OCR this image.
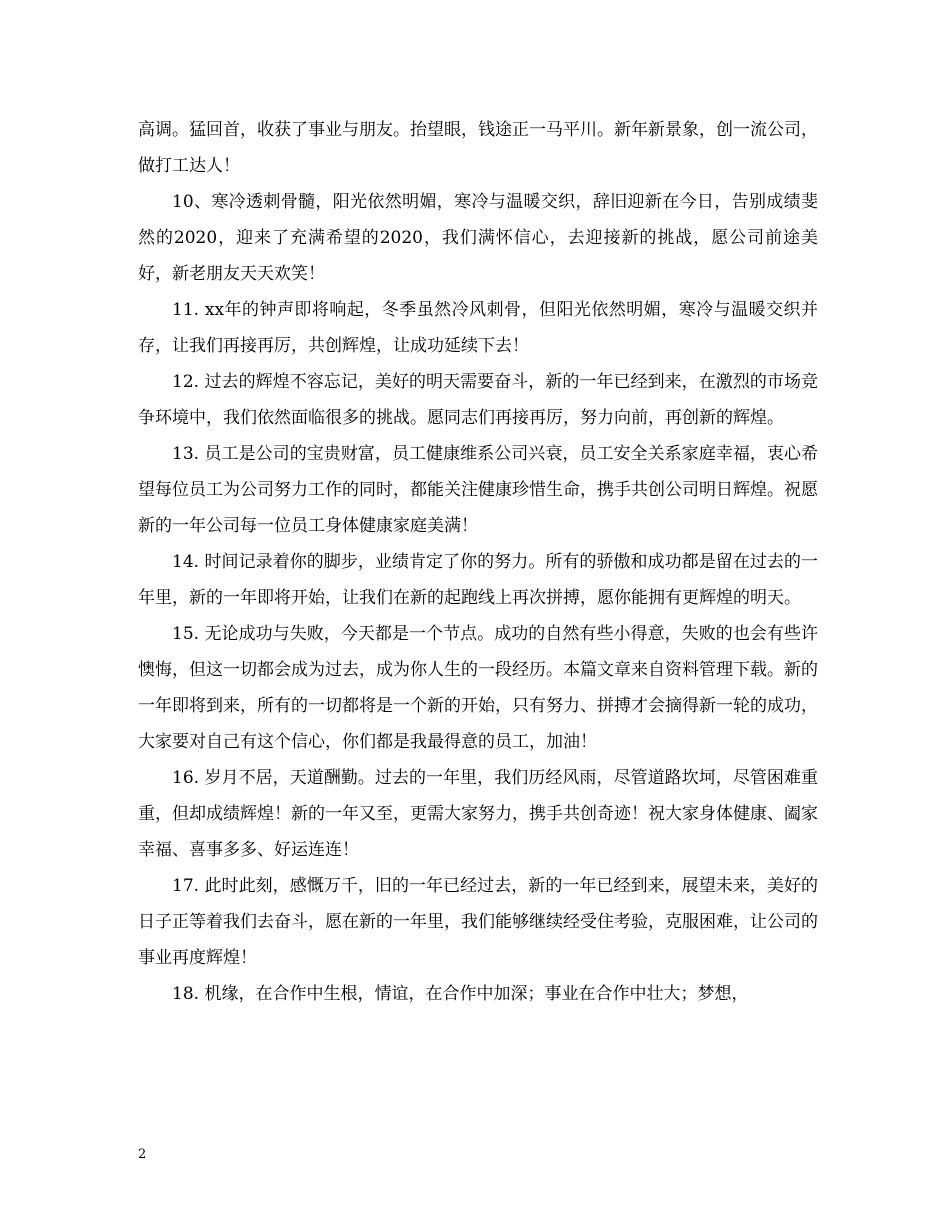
高调。猛回首，收获了事业与朋友。抬望眼，钱途正一马平川。新年新景象，创一流公司，做打工达人！

10、寒冷透刺骨髓，阳光依然明媚，寒冷与温暖交织，辞旧迎新在今日，告别成绩斐然的2020，迎来了充满希望的2020，我们满怀信心，去迎接新的挑战，愿公司前途美好，新老朋友天天欢笑！

11. xx年的钟声即将响起，冬季虽然冷风刺骨，但阳光依然明媚，寒冷与温暖交织并存，让我们再接再厉，共创辉煌，让成功延续下去！

12. 过去的辉煌不容忘记，美好的明天需要奋斗，新的一年已经到来，在激烈的市场竞争环境中，我们依然面临很多的挑战。愿同志们再接再厉，努力向前，再创新的辉煌。

13. 员工是公司的宝贵财富，员工健康维系公司兴衰，员工安全关系家庭幸福，衷心希望每位员工为公司努力工作的同时，都能关注健康珍惜生命，携手共创公司明日辉煌。祝愿新的一年公司每一位员工身体健康家庭美满！

14. 时间记录着你的脚步，业绩肯定了你的努力。所有的骄傲和成功都是留在过去的一年里，新的一年即将开始，让我们在新的起跑线上再次拼搏，愿你能拥有更辉煌的明天。

15. 无论成功与失败，今天都是一个节点。成功的自然有些小得意，失败的也会有些许懊悔，但这一切都会成为过去，成为你人生的一段经历。本篇文章来自资料管理下载。新的一年即将到来，所有的一切都将是一个新的开始，只有努力、拼搏才会摘得新一轮的成功，大家要对自己有这个信心，你们都是我最得意的员工，加油！

16. 岁月不居，天道酬勤。过去的一年里，我们历经风雨，尽管道路坎坷，尽管困难重重，但却成绩辉煌！新的一年又至，更需大家努力，携手共创奇迹！祝大家身体健康、阖家幸福、喜事多多、好运连连！

17. 此时此刻，感慨万千，旧的一年已经过去，新的一年已经到来，展望未来，美好的日子正等着我们去奋斗，愿在新的一年里，我们能够继续经受住考验，克服困难，让公司的事业再度辉煌！

18. 机缘，在合作中生根，情谊，在合作中加深；事业在合作中壮大；梦想，

2
